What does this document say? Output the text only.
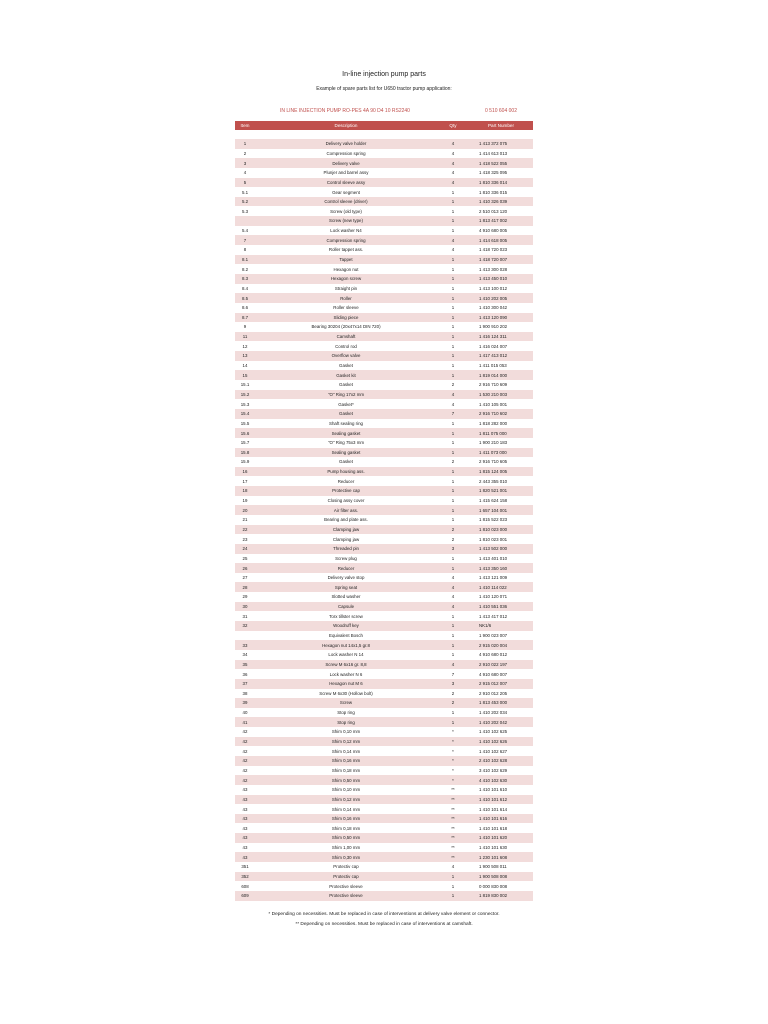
In-line injection pump parts
Example of spare parts list for U650 tractor pump application:
IN LINE INJECTION PUMP RO-PES 4A 90 D4 10 RS2240	0 510 604 002
Item	Description	Qty	Part Number

1	Delivery valve holder	4	1 413 372 075
2	Compression spring	4	1 414 613 013
3	Delivery valve	4	1 418 522 055
4	Plunjer and barrel assy	4	1 418 325 095
5	Control sleeve assy	4	1 810 336 014
5.1	Gear segment	1	1 810 336 015
5.2	Control sleeve (driver)	1	1 410 326 039
5.3	Screw (old type)	1	2 510 013 120
	Screw (new type)	1	1 813 417 002
5.4	Lock washer N4	1	4 910 680 005
7	Compression spring	4	1 414 618 005
8	Roller tappet ass.	4	1 418 720 023
8.1	Tappet	1	1 418 720 007
8.2	Hexagon nut	1	1 413 300 028
8.3	Hexagon screw	1	1 413 450 010
8.4	Straight pin	1	1 413 100 012
8.5	Roller	1	1 410 202 005
8.6	Roller sleeve	1	1 410 300 042
8.7	Sliding piece	1	1 413 120 090
9	Bearing 30204 (20x47x14 DIN 720)	1	1 900 910 202
11	Camshaft	1	1 416 124 311
12	Control rod	1	1 416 024 007
13	Overflow valve	1	1 417 413 012
14	Gasket	1	1 411 015 053
15	Gasket kit	1	1 819 014 000
15.1	Gasket	2	2 916 710 609
15.2	"O" Ring 17x2 mm	4	1 530 210 003
15.3	Gasket*	4	1 410 105 001
15.4	Gasket	7	2 916 710 602
15.5	Shaft sealing ring	1	1 818 282 000
15.6	Sealing gasket	1	1 811 075 000
15.7	"O" Ring 75x3 mm	1	1 900 210 183
15.8	Sealing gasket	1	1 411 073 000
15.9	Gasket	2	2 916 710 605
16	Pump housing ass.	1	1 815 124 005
17	Reducer	1	2 443 355 010
18	Protective cap	1	1 820 521 001
19	Closing assy cover	1	1 415 624 158
20	Air filter ass.	1	1 657 104 001
21	Bearing and plate ass.	1	1 815 522 023
22	Clamping jaw	2	1 810 023 000
23	Clamping jaw	2	1 810 023 001
24	Threaded pin	3	1 413 502 000
25	Screw plug	1	1 413 401 010
26	Reducer	1	1 413 350 160
27	Delivery valve stop	4	1 413 121 009
28	Spring seat	4	1 410 114 022
29	Slotted washer	4	1 410 120 071
30	Capsule	4	1 410 551 036
31	Torx tillster screw	1	1 413 417 012
32	Woodruff key	1	NK1/6
	Equivalent Bosch	1	1 900 023 007
33	Hexagon nut 14x1,5 gr.8	1	2 915 020 004
34	Lock washer N 14	1	4 910 680 012
35	Screw M 6x16 gr. 8,8	4	2 910 022 197
36	Lock washer N 6	7	4 910 680 007
37	Hexagon nut M 6	3	2 915 012 007
38	Screw M 6x30 (Hollow bolt)	2	2 910 012 205
39	Screw	2	1 813 453 000
40	Stop ring	1	1 410 202 034
41	Stop ring	1	1 410 202 042
42	Shim 0,10 mm	*	1 410 102 625
42	Shim 0,12 mm	*	1 410 102 626
42	Shim 0,14 mm	*	1 410 102 627
42	Shim 0,16 mm	*	2 410 102 628
42	Shim 0,18 mm	*	3 410 102 629
42	Shim 0,50 mm	*	4 410 102 630
43	Shim 0,10 mm	**	1 410 101 610
43	Shim 0,12 mm	**	1 410 101 612
43	Shim 0,14 mm	**	1 410 101 614
43	Shim 0,16 mm	**	1 410 101 616
43	Shim 0,18 mm	**	1 410 101 618
43	Shim 0,50 mm	**	1 410 101 620
43	Shim 1,00 mm	**	1 410 101 630
43	Shim 0,30 mm	**	1 230 101 608
351	Protectiv cap	4	1 900 508 011
352	Protectiv cap	1	1 900 508 008
608	Protective sleeve	1	0 000 830 008
609	Protective sleeve	1	1 819 830 002
* Depending on necessities. Must be replaced in case of interventions at delivery valve element or connector.
** Depending on necessities. Must be replaced in case of interventions at camshaft.
